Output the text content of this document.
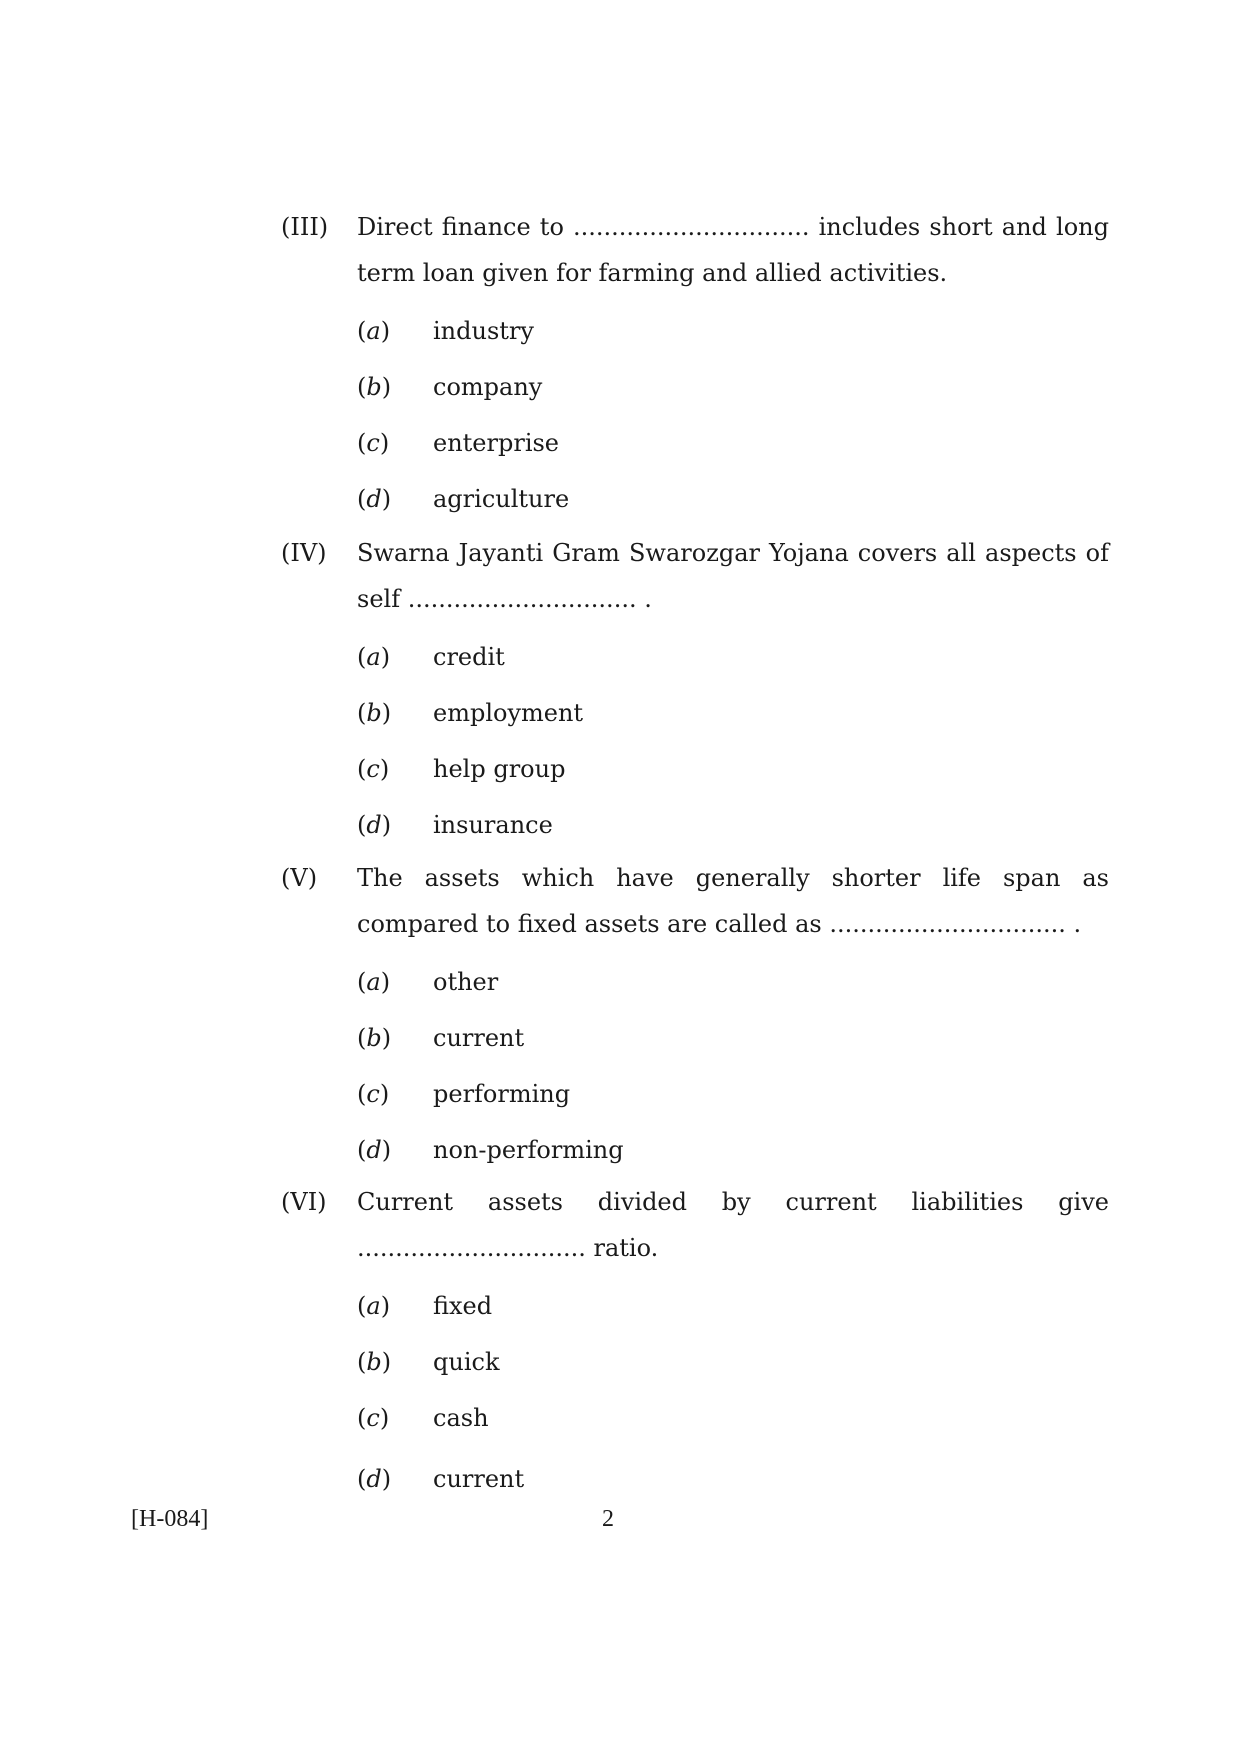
(III) Direct finance to ............................... includes short and long term loan given for farming and allied activities.
(a)	industry
(b)	company
(c)	enterprise
(d)	agriculture
(IV) Swarna Jayanti Gram Swarozgar Yojana covers all aspects of self .............................. .
(a)	credit
(b)	employment
(c)	help group
(d)	insurance
(V) The assets which have generally shorter life span as compared to fixed assets are called as ............................... .
(a)	other
(b)	current
(c)	performing
(d)	non-performing
(VI) Current assets divided by current liabilities give .............................. ratio.
(a)	fixed
(b)	quick
(c)	cash
(d)	current
[H-084]	2
